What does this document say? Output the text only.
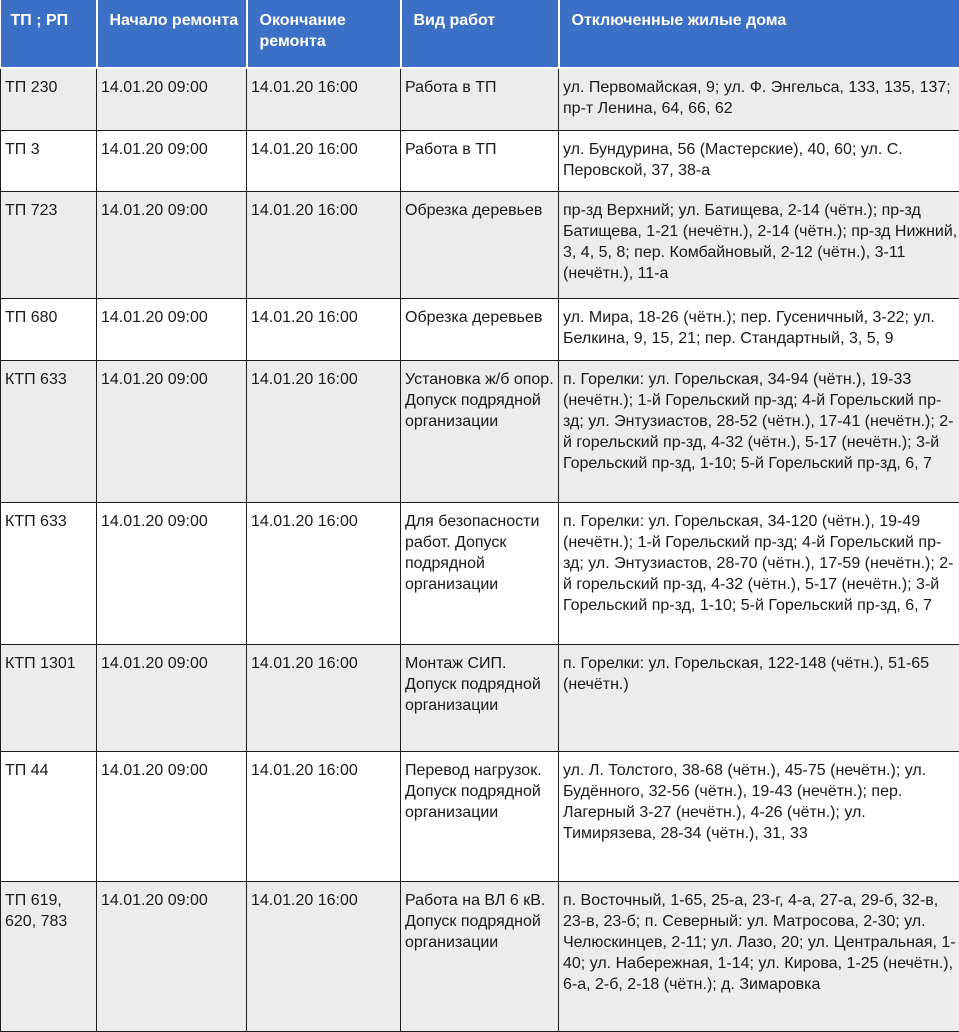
ТП ; РП	Начало ремонта	Окончание ремонта	Вид работ	Отключенные жилые дома
ТП 230	14.01.20 09:00	14.01.20 16:00	Работа в ТП	ул. Первомайская, 9; ул. Ф. Энгельса, 133, 135, 137; пр-т Ленина, 64, 66, 62
ТП 3	14.01.20 09:00	14.01.20 16:00	Работа в ТП	ул. Бундурина, 56 (Мастерские), 40, 60; ул. С. Перовской, 37, 38-а
ТП 723	14.01.20 09:00	14.01.20 16:00	Обрезка деревьев	пр-зд Верхний; ул. Батищева, 2-14 (чётн.); пр-зд Батищева, 1-21 (нечётн.), 2-14 (чётн.); пр-зд Нижний, 3, 4, 5, 8; пер. Комбайновый, 2-12 (чётн.), 3-11 (нечётн.), 11-а
ТП 680	14.01.20 09:00	14.01.20 16:00	Обрезка деревьев	ул. Мира, 18-26 (чётн.); пер. Гусеничный, 3-22; ул. Белкина, 9, 15, 21; пер. Стандартный, 3, 5, 9
КТП 633	14.01.20 09:00	14.01.20 16:00	Установка ж/б опор. Допуск подрядной организации	п. Горелки: ул. Горельская, 34-94 (чётн.), 19-33 (нечётн.); 1-й Горельский пр-зд; 4-й Горельский пр-зд; ул. Энтузиастов, 28-52 (чётн.), 17-41 (нечётн.); 2-й горельский пр-зд, 4-32 (чётн.), 5-17 (нечётн.); 3-й Горельский пр-зд, 1-10; 5-й Горельский пр-зд, 6, 7
КТП 633	14.01.20 09:00	14.01.20 16:00	Для безопасности работ. Допуск подрядной организации	п. Горелки: ул. Горельская, 34-120 (чётн.), 19-49 (нечётн.); 1-й Горельский пр-зд; 4-й Горельский пр-зд; ул. Энтузиастов, 28-70 (чётн.), 17-59 (нечётн.); 2-й горельский пр-зд, 4-32 (чётн.), 5-17 (нечётн.); 3-й Горельский пр-зд, 1-10; 5-й Горельский пр-зд, 6, 7
КТП 1301	14.01.20 09:00	14.01.20 16:00	Монтаж СИП. Допуск подрядной организации	п. Горелки: ул. Горельская, 122-148 (чётн.), 51-65 (нечётн.)
ТП 44	14.01.20 09:00	14.01.20 16:00	Перевод нагрузок. Допуск подрядной организации	ул. Л. Толстого, 38-68 (чётн.), 45-75 (нечётн.); ул. Будённого, 32-56 (чётн.), 19-43 (нечётн.); пер. Лагерный 3-27 (нечётн.), 4-26 (чётн.); ул. Тимирязева, 28-34 (чётн.), 31, 33
ТП 619, 620, 783	14.01.20 09:00	14.01.20 16:00	Работа на ВЛ 6 кВ. Допуск подрядной организации	п. Восточный, 1-65, 25-а, 23-г, 4-а, 27-а, 29-б, 32-в, 23-в, 23-б; п. Северный: ул. Матросова, 2-30; ул. Челюскинцев, 2-11; ул. Лазо, 20; ул. Центральная, 1-40; ул. Набережная, 1-14; ул. Кирова, 1-25 (нечётн.), 6-а, 2-б, 2-18 (чётн.); д. Зимаровка
